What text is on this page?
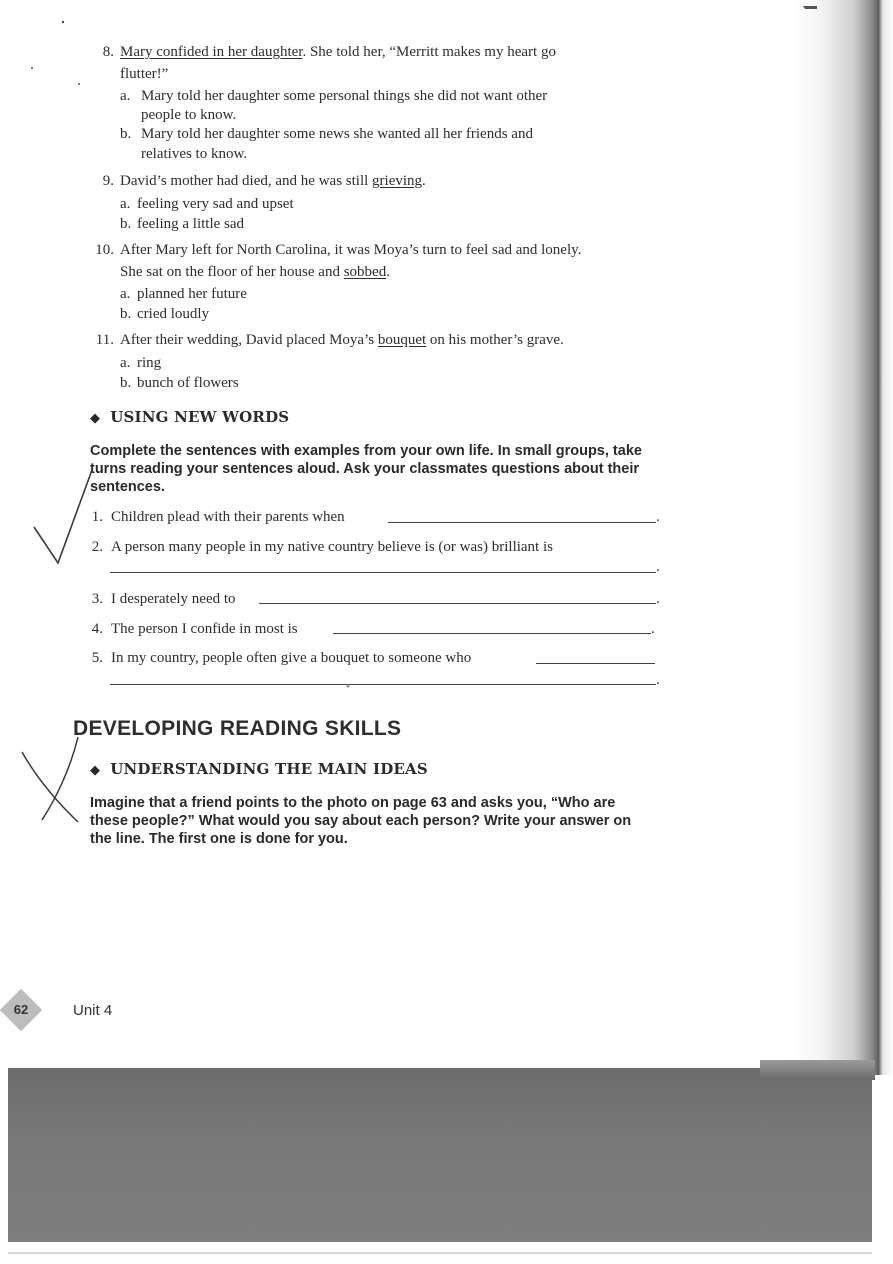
8. Mary confided in her daughter. She told her, “Merritt makes my heart go
flutter!”
a. Mary told her daughter some personal things she did not want other
people to know.
b. Mary told her daughter some news she wanted all her friends and
relatives to know.
9. David’s mother had died, and he was still grieving.
a. feeling very sad and upset
b. feeling a little sad
10. After Mary left for North Carolina, it was Moya’s turn to feel sad and lonely.
She sat on the floor of her house and sobbed.
a. planned her future
b. cried loudly
11. After their wedding, David placed Moya’s bouquet on his mother’s grave.
a. ring
b. bunch of flowers
◆ USING NEW WORDS
Complete the sentences with examples from your own life. In small groups, take
turns reading your sentences aloud. Ask your classmates questions about their
sentences.
1. Children plead with their parents when	.
2. A person many people in my native country believe is (or was) brilliant is
.
3. I desperately need to	.
4. The person I confide in most is	.
5. In my country, people often give a bouquet to someone who
.
DEVELOPING READING SKILLS
◆ UNDERSTANDING THE MAIN IDEAS
Imagine that a friend points to the photo on page 63 and asks you, “Who are
these people?” What would you say about each person? Write your answer on
the line. The first one is done for you.
62	Unit 4
